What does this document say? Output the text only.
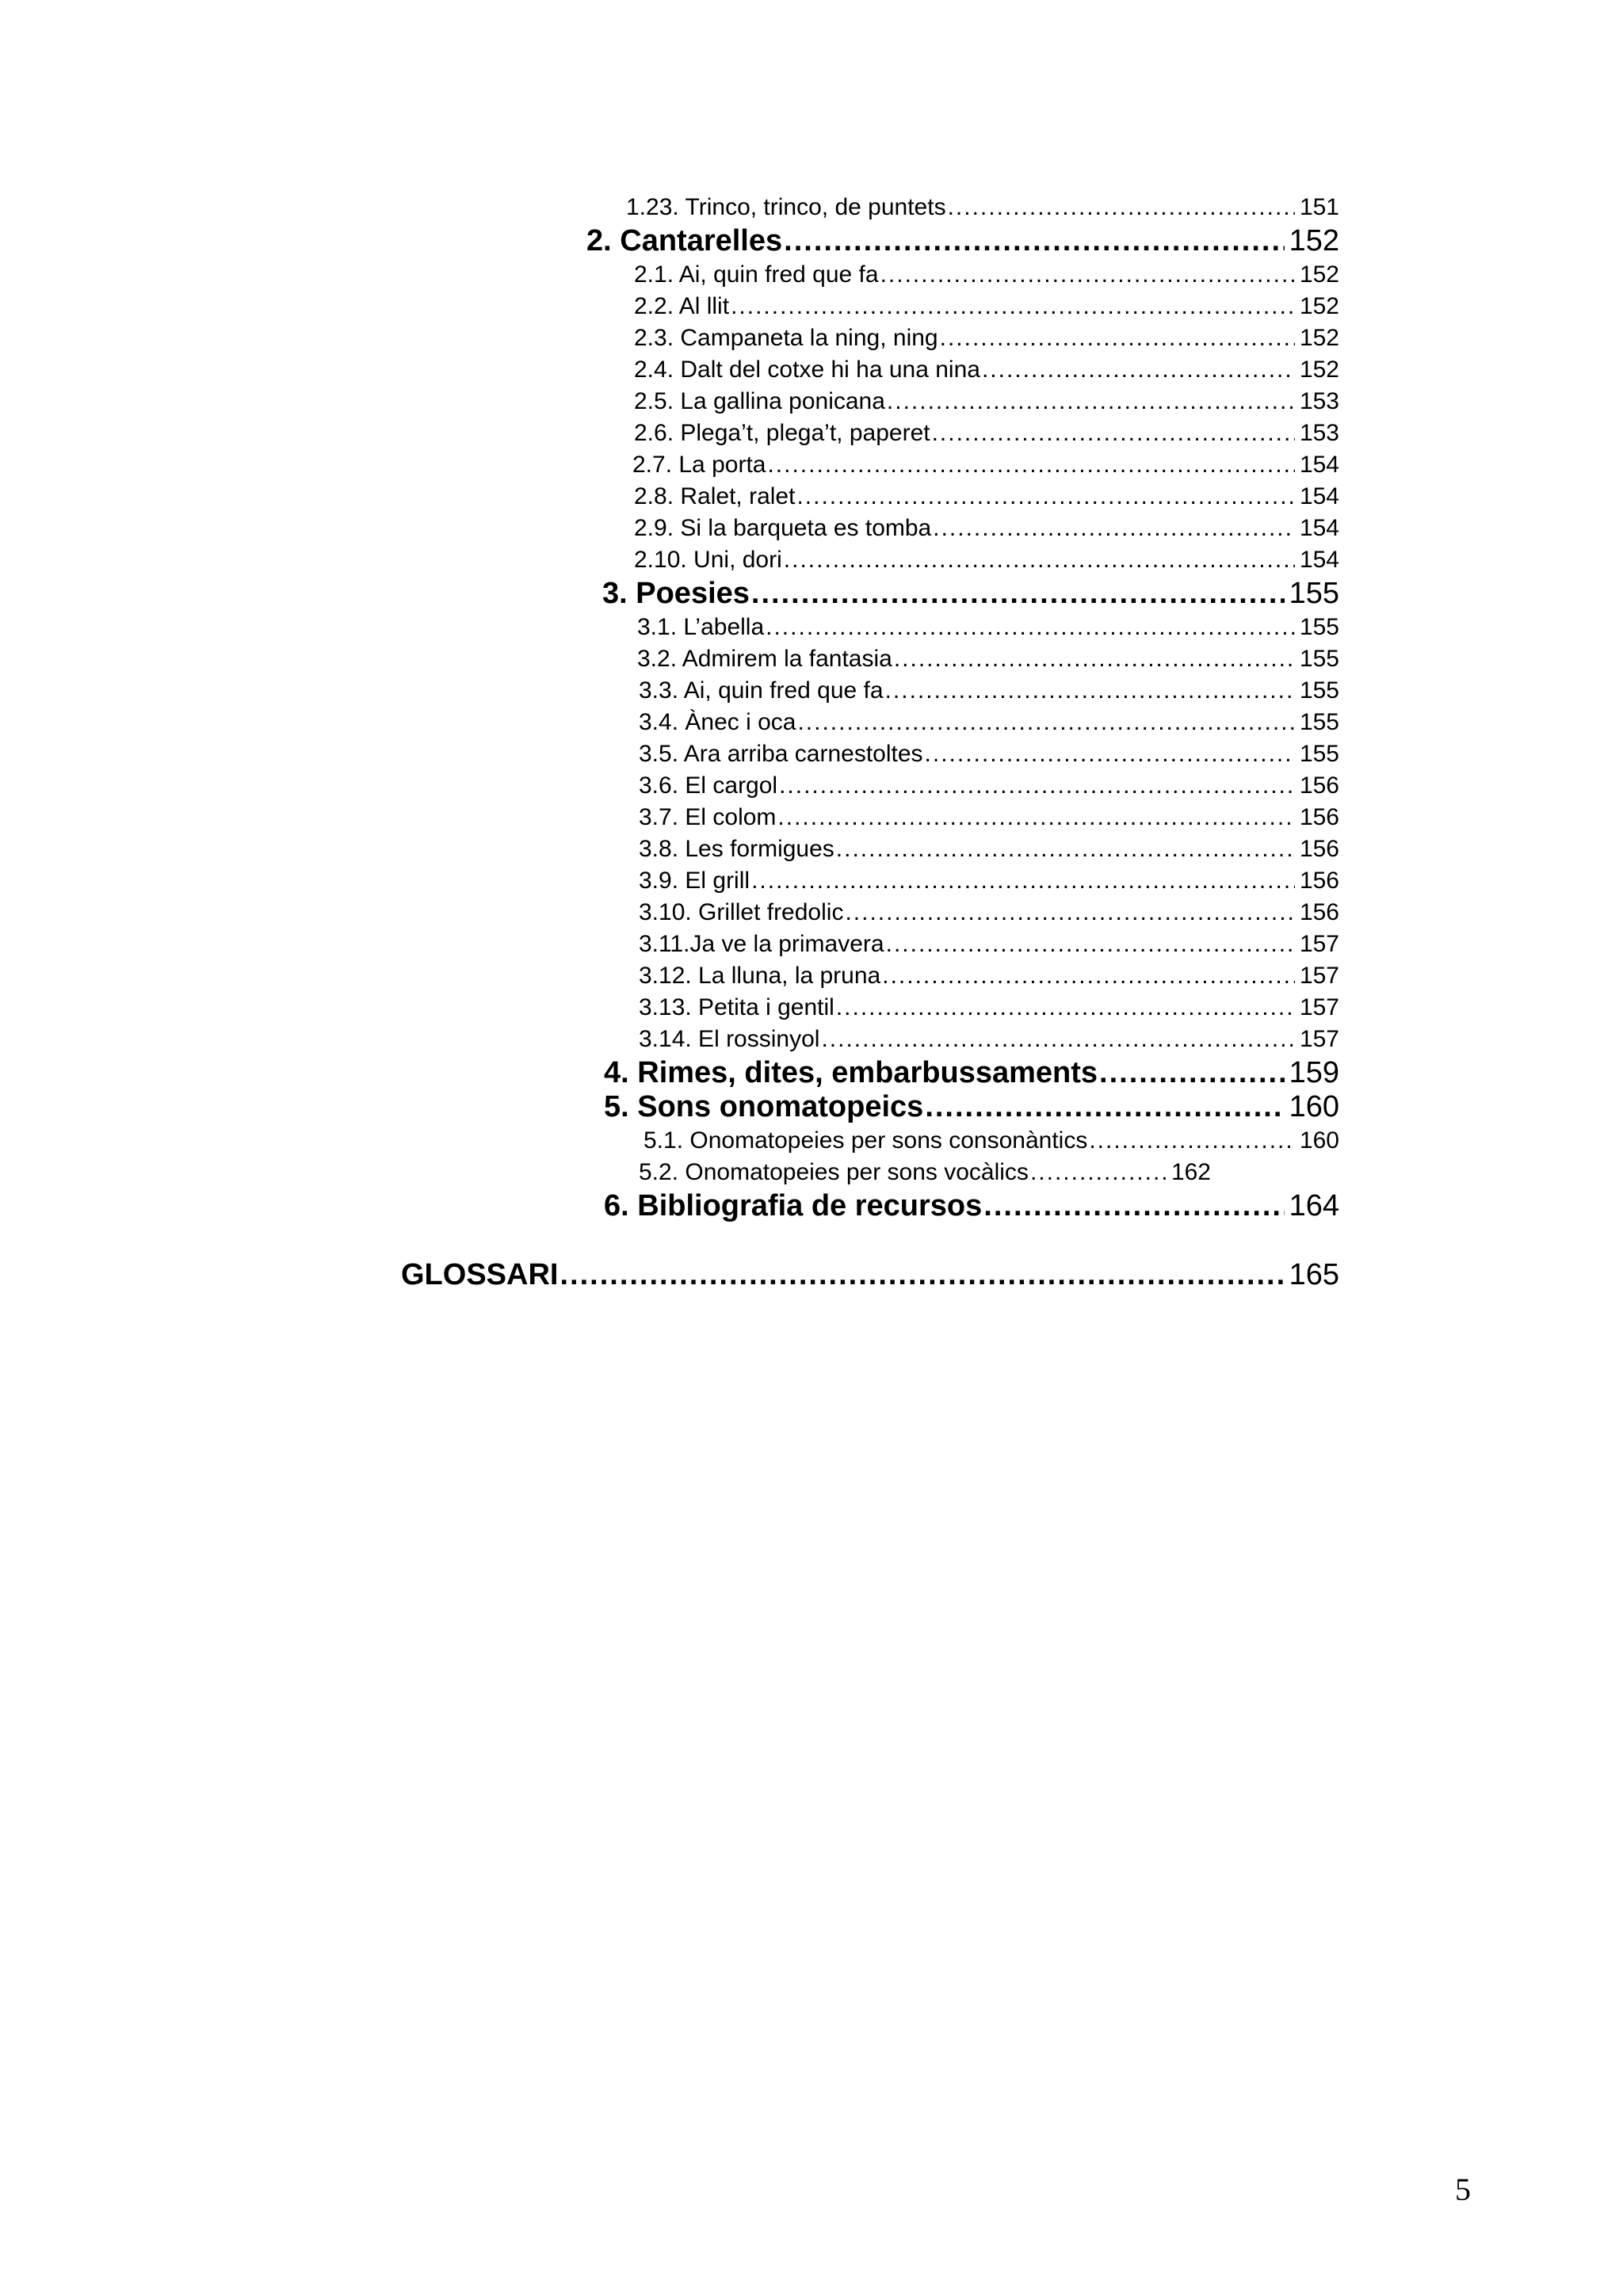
1.23. Trinco, trinco, de puntets .....	151
2. Cantarelles .....	152
2.1. Ai, quin fred que fa .....	152
2.2. Al llit .....	152
2.3. Campaneta la ning, ning .....	152
2.4. Dalt del cotxe hi ha una nina .....	152
2.5. La gallina ponicana .....	153
2.6. Plega’t, plega’t, paperet .....	153
2.7. La porta .....	154
2.8. Ralet, ralet .....	154
2.9. Si la barqueta es tomba .....	154
2.10. Uni, dori .....	154
3. Poesies .....	155
3.1. L’abella .....	155
3.2. Admirem la fantasia .....	155
3.3. Ai, quin fred que fa .....	155
3.4. Ànec i oca .....	155
3.5. Ara arriba carnestoltes .....	155
3.6. El cargol .....	156
3.7. El colom .....	156
3.8. Les formigues .....	156
3.9. El grill .....	156
3.10. Grillet fredolic .....	156
3.11.Ja ve la primavera .....	157
3.12. La lluna, la pruna .....	157
3.13. Petita i gentil .....	157
3.14. El rossinyol .....	157
4. Rimes, dites, embarbussaments .....	159
5. Sons onomatopeics .....	160
5.1. Onomatopeies per sons consonàntics .....	160
5.2. Onomatopeies per sons vocàlics .....	162
6. Bibliografia de recursos .....	164
GLOSSARI .....	165
5
